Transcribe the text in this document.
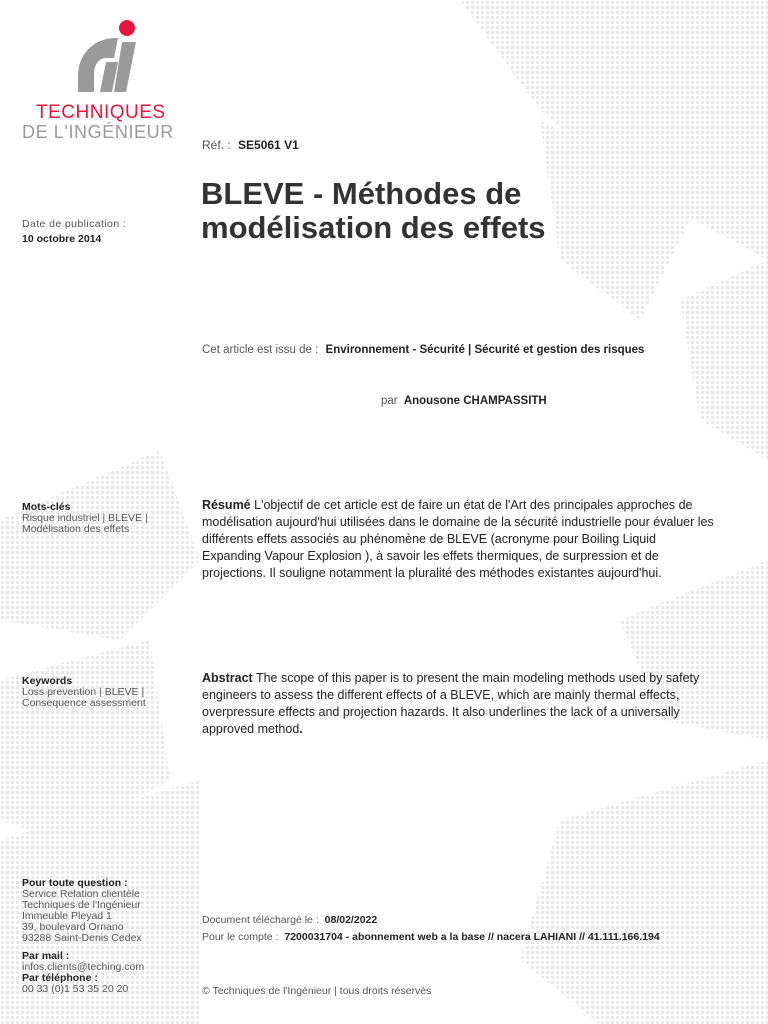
TECHNIQUES
DE L'INGÉNIEUR
Réf. : SE5061 V1
BLEVE - Méthodes de
modélisation des effets
Date de publication :
10 octobre 2014
Cet article est issu de : Environnement - Sécurité | Sécurité et gestion des risques
par Anousone CHAMPASSITH
Mots-clés
Risque industriel | BLEVE |
Modélisation des effets
Résumé L'objectif de cet article est de faire un état de l'Art des principales approches de modélisation aujourd'hui utilisées dans le domaine de la sécurité industrielle pour évaluer les différents effets associés au phénomène de BLEVE (acronyme pour Boiling Liquid Expanding Vapour Explosion ), à savoir les effets thermiques, de surpression et de projections. Il souligne notamment la pluralité des méthodes existantes aujourd'hui.
Keywords
Loss prevention | BLEVE |
Consequence assessment
Abstract The scope of this paper is to present the main modeling methods used by safety engineers to assess the different effects of a BLEVE, which are mainly thermal effects, overpressure effects and projection hazards. It also underlines the lack of a universally approved method.
Pour toute question :
Service Relation clientèle
Techniques de l'Ingénieur
Immeuble Pleyad 1
39, boulevard Ornano
93288 Saint-Denis Cedex
Par mail :
infos.clients@teching.com
Par téléphone :
00 33 (0)1 53 35 20 20
Document téléchargé le : 08/02/2022
Pour le compte : 7200031704 - abonnement web a la base // nacera LAHIANI // 41.111.166.194
© Techniques de l'Ingénieur | tous droits réservés
